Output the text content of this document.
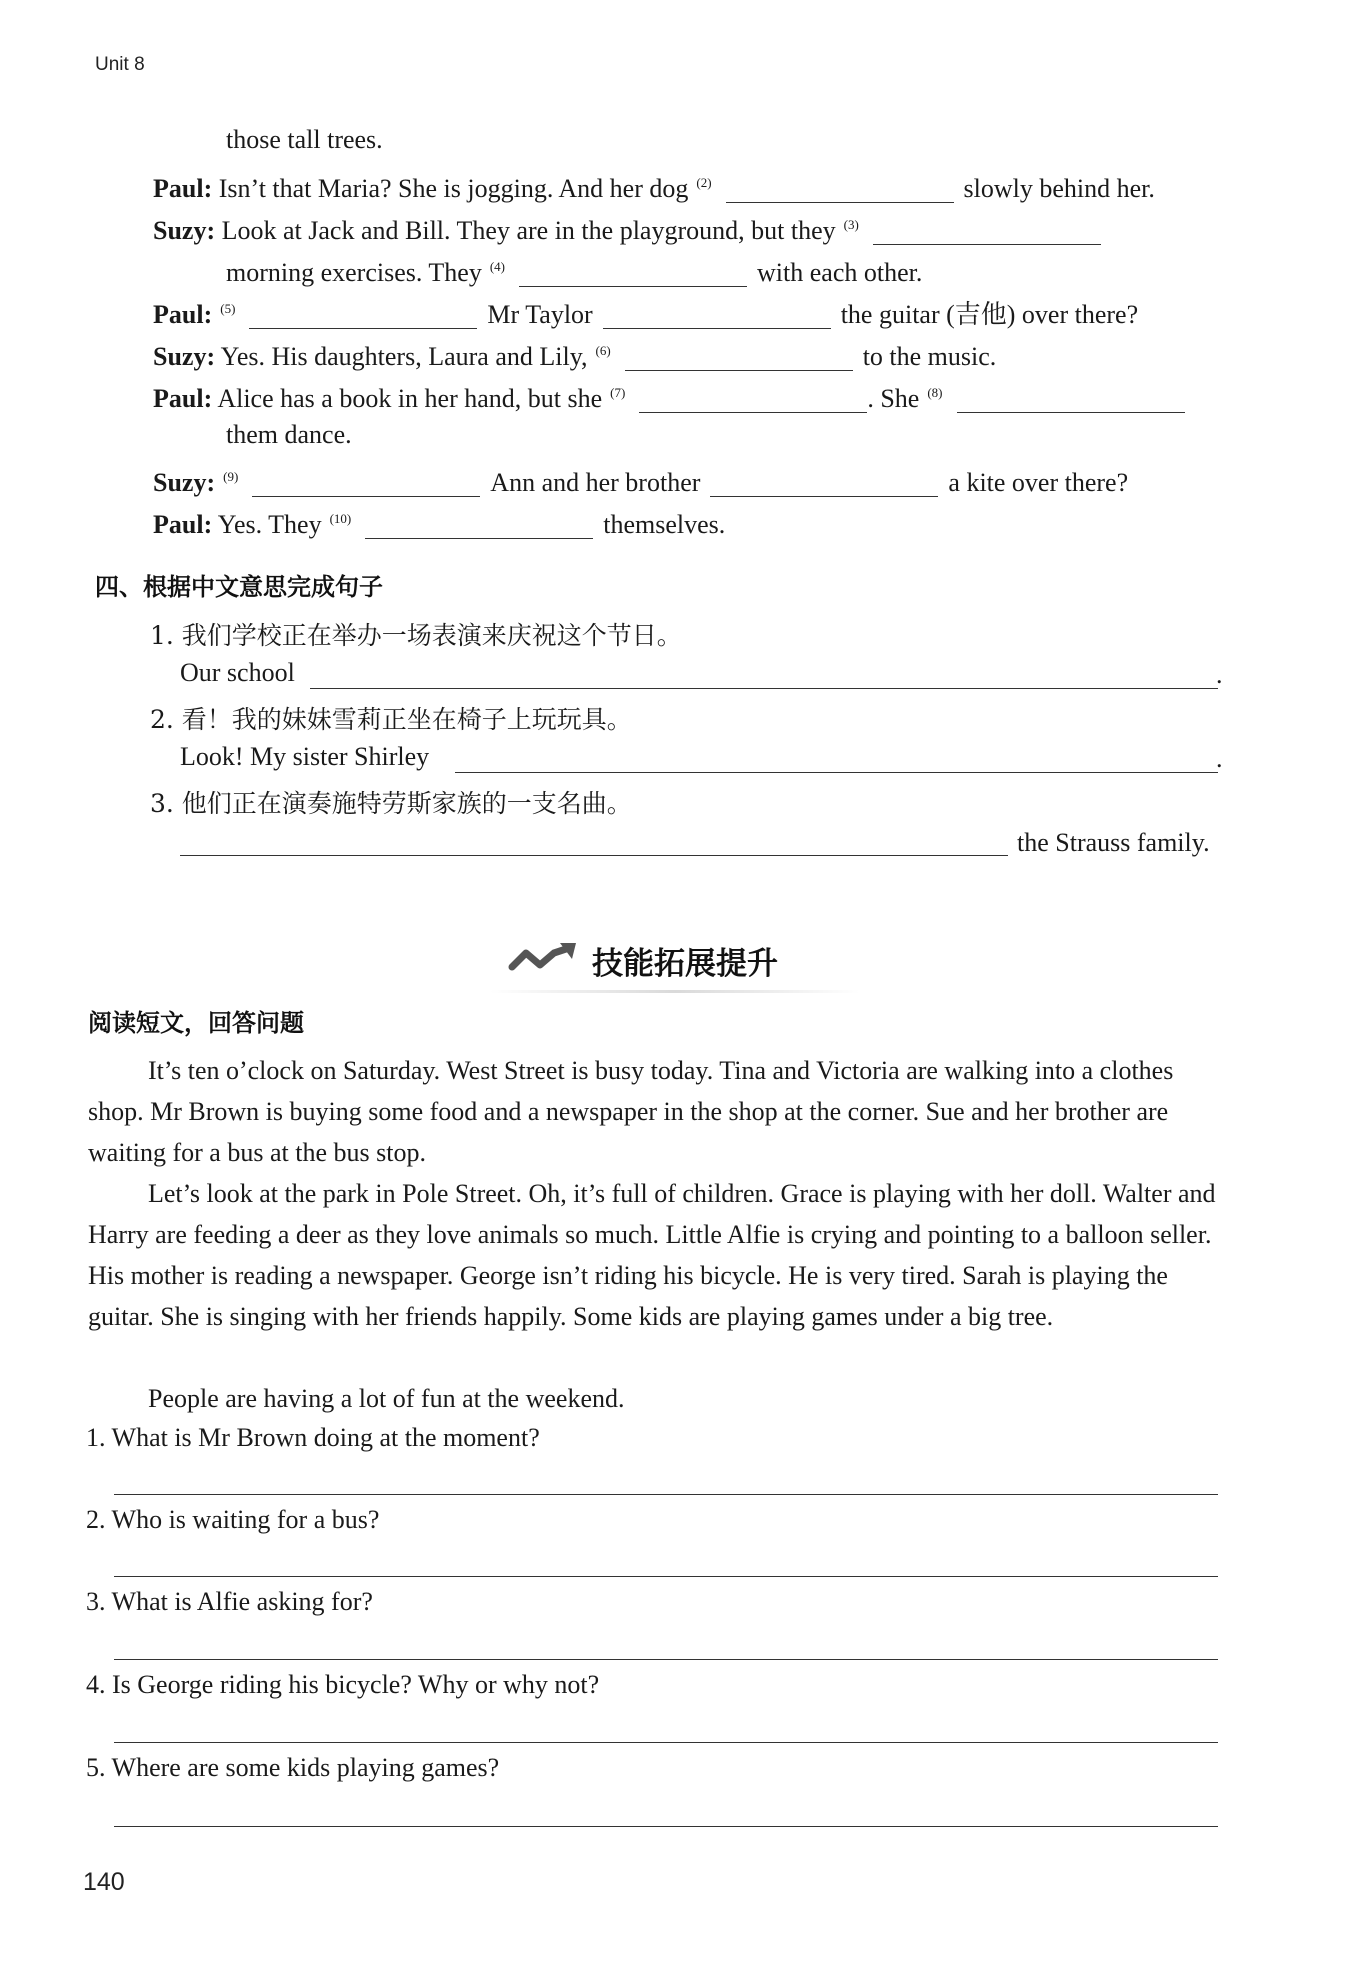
Unit 8
those tall trees.
Paul: Isn’t that Maria? She is jogging. And her dog $^{(2)}$	slowly behind her.
Suzy: Look at Jack and Bill. They are in the playground, but they $^{(3)}$
morning exercises. They $^{(4)}$	with each other.
Paul: $^{(5)}$	Mr Taylor	the guitar (吉他) over there?
Suzy: Yes. His daughters, Laura and Lily, $^{(6)}$	to the music.
Paul: Alice has a book in her hand, but she $^{(7)}$	. She $^{(8)}$
them dance.
Suzy: $^{(9)}$	Ann and her brother	a kite over there?
Paul: Yes. They $^{(10)}$	themselves.
四、根据中文意思完成句子
1. 我们学校正在举办一场表演来庆祝这个节日。
Our school	.
2. 看！我的妹妹雪莉正坐在椅子上玩玩具。
Look! My sister Shirley	.
3. 他们正在演奏施特劳斯家族的一支名曲。
the Strauss family.
技能拓展提升
阅读短文，回答问题

It’s ten o’clock on Saturday. West Street is busy today. Tina and Victoria are walking into a clothes shop. Mr Brown is buying some food and a newspaper in the shop at the corner. Sue and her brother are waiting for a bus at the bus stop.

Let’s look at the park in Pole Street. Oh, it’s full of children. Grace is playing with her doll. Walter and Harry are feeding a deer as they love animals so much. Little Alfie is crying and pointing to a balloon seller. His mother is reading a newspaper. George isn’t riding his bicycle. He is very tired. Sarah is playing the guitar. She is singing with her friends happily. Some kids are playing games under a big tree.

People are having a lot of fun at the weekend.

1. What is Mr Brown doing at the moment?
2. Who is waiting for a bus?
3. What is Alfie asking for?
4. Is George riding his bicycle? Why or why not?
5. Where are some kids playing games?
140
